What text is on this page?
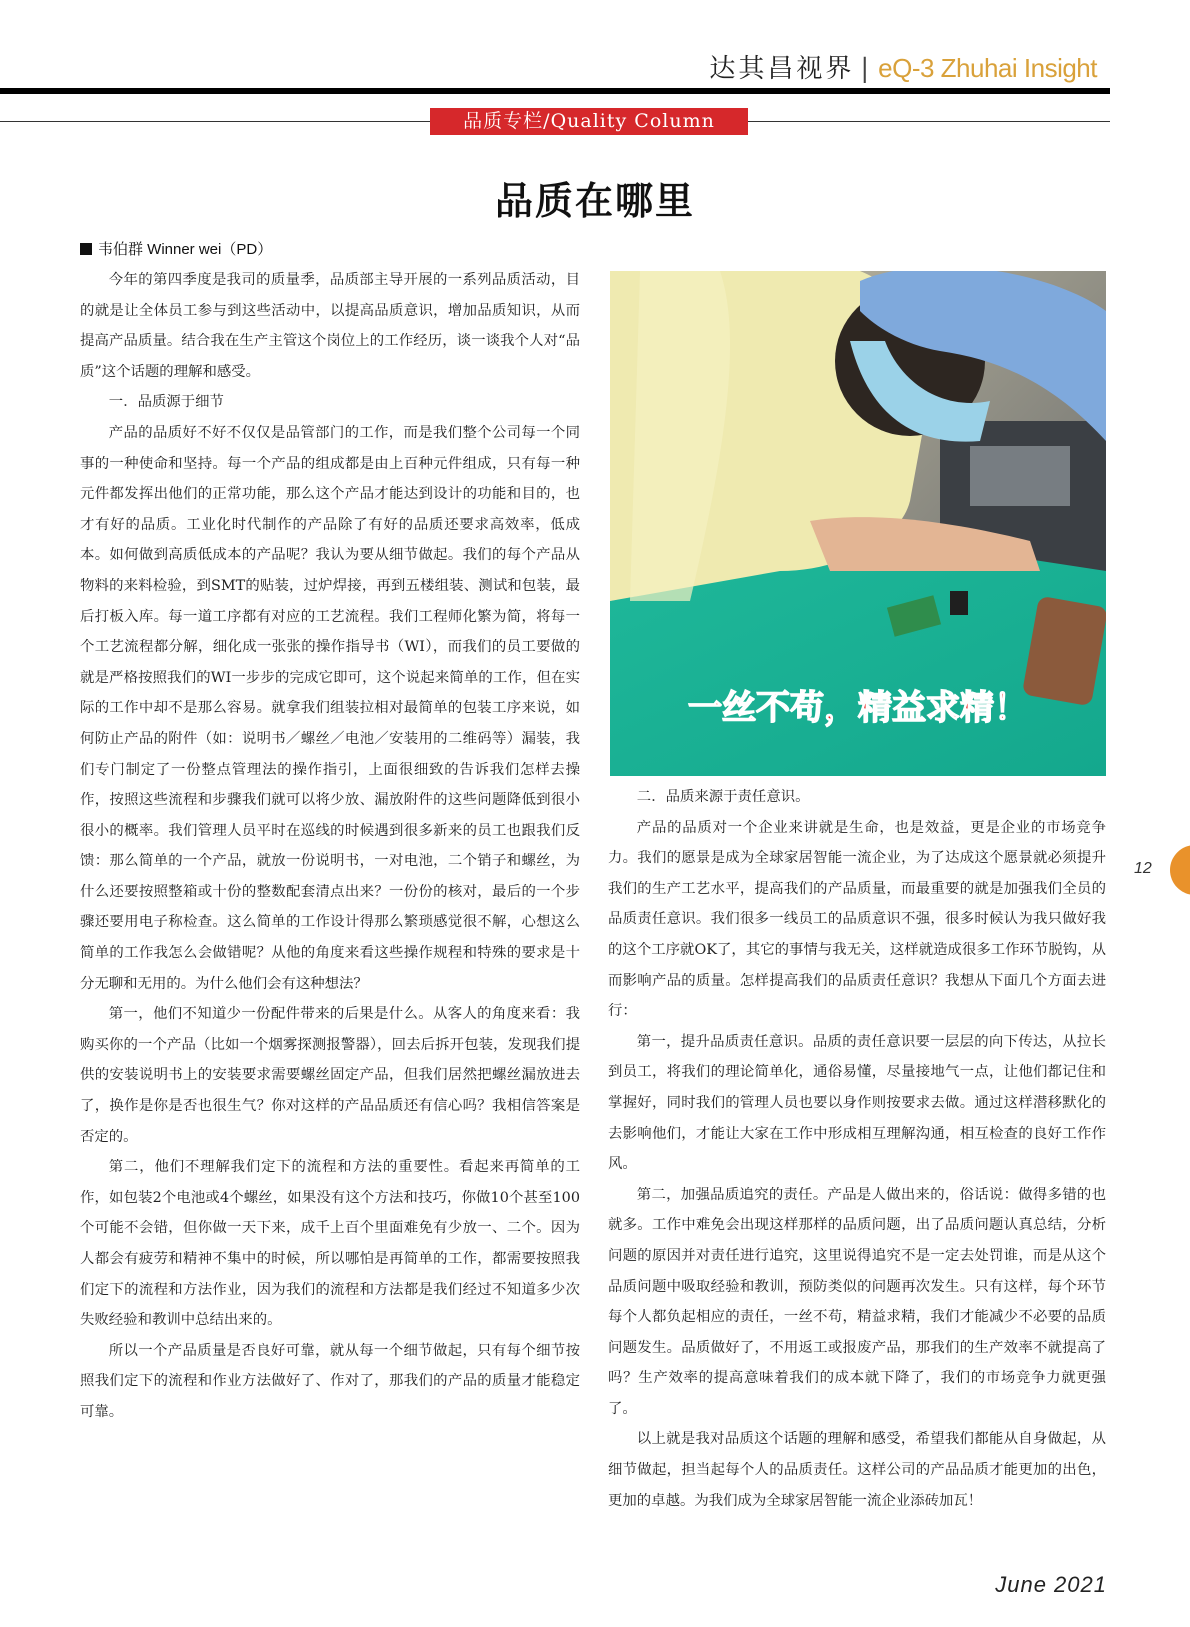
达其昌视界 | eQ-3 Zhuhai Insight
品质专栏/Quality Column
品质在哪里
韦伯群 Winner wei（PD）

今年的第四季度是我司的质量季，品质部主导开展的一系列品质活动，目的就是让全体员工参与到这些活动中，以提高品质意识，增加品质知识，从而提高产品质量。结合我在生产主管这个岗位上的工作经历，谈一谈我个人对“品质”这个话题的理解和感受。

一．品质源于细节

产品的品质好不好不仅仅是品管部门的工作，而是我们整个公司每一个同事的一种使命和坚持。每一个产品的组成都是由上百种元件组成，只有每一种元件都发挥出他们的正常功能，那么这个产品才能达到设计的功能和目的，也才有好的品质。工业化时代制作的产品除了有好的品质还要求高效率，低成本。如何做到高质低成本的产品呢？我认为要从细节做起。我们的每个产品从物料的来料检验，到SMT的贴装，过炉焊接，再到五楼组装、测试和包装，最后打板入库。每一道工序都有对应的工艺流程。我们工程师化繁为简，将每一个工艺流程都分解，细化成一张张的操作指导书（WI），而我们的员工要做的就是严格按照我们的WI一步步的完成它即可，这个说起来简单的工作，但在实际的工作中却不是那么容易。就拿我们组装拉相对最简单的包装工序来说，如何防止产品的附件（如：说明书／螺丝／电池／安装用的二维码等）漏装，我们专门制定了一份整点管理法的操作指引，上面很细致的告诉我们怎样去操作，按照这些流程和步骤我们就可以将少放、漏放附件的这些问题降低到很小很小的概率。我们管理人员平时在巡线的时候遇到很多新来的员工也跟我们反馈：那么简单的一个产品，就放一份说明书，一对电池，二个销子和螺丝，为什么还要按照整箱或十份的整数配套清点出来？一份份的核对，最后的一个步骤还要用电子称检查。这么简单的工作设计得那么繁琐感觉很不解，心想这么简单的工作我怎么会做错呢？从他的角度来看这些操作规程和特殊的要求是十分无聊和无用的。为什么他们会有这种想法？

第一，他们不知道少一份配件带来的后果是什么。从客人的角度来看：我购买你的一个产品（比如一个烟雾探测报警器），回去后拆开包装，发现我们提供的安装说明书上的安装要求需要螺丝固定产品，但我们居然把螺丝漏放进去了，换作是你是否也很生气？你对这样的产品品质还有信心吗？我相信答案是否定的。

第二，他们不理解我们定下的流程和方法的重要性。看起来再简单的工作，如包装2个电池或4个螺丝，如果没有这个方法和技巧，你做10个甚至100个可能不会错，但你做一天下来，成千上百个里面难免有少放一、二个。因为人都会有疲劳和精神不集中的时候，所以哪怕是再简单的工作，都需要按照我们定下的流程和方法作业，因为我们的流程和方法都是我们经过不知道多少次失败经验和教训中总结出来的。

所以一个产品质量是否良好可靠，就从每一个细节做起，只有每个细节按照我们定下的流程和作业方法做好了、作对了，那我们的产品的质量才能稳定可靠。

一丝不苟，精益求精！

二．品质来源于责任意识。

产品的品质对一个企业来讲就是生命，也是效益，更是企业的市场竞争力。我们的愿景是成为全球家居智能一流企业，为了达成这个愿景就必须提升我们的生产工艺水平，提高我们的产品质量，而最重要的就是加强我们全员的品质责任意识。我们很多一线员工的品质意识不强，很多时候认为我只做好我的这个工序就OK了，其它的事情与我无关，这样就造成很多工作环节脱钩，从而影响产品的质量。怎样提高我们的品质责任意识？我想从下面几个方面去进行：

第一，提升品质责任意识。品质的责任意识要一层层的向下传达，从拉长到员工，将我们的理论简单化，通俗易懂，尽量接地气一点，让他们都记住和掌握好，同时我们的管理人员也要以身作则按要求去做。通过这样潜移默化的去影响他们，才能让大家在工作中形成相互理解沟通，相互检查的良好工作作风。

第二，加强品质追究的责任。产品是人做出来的，俗话说：做得多错的也就多。工作中难免会出现这样那样的品质问题，出了品质问题认真总结，分析问题的原因并对责任进行追究，这里说得追究不是一定去处罚谁，而是从这个品质问题中吸取经验和教训，预防类似的问题再次发生。只有这样，每个环节每个人都负起相应的责任，一丝不苟，精益求精，我们才能减少不必要的品质问题发生。品质做好了，不用返工或报废产品，那我们的生产效率不就提高了吗？生产效率的提高意味着我们的成本就下降了，我们的市场竞争力就更强了。

以上就是我对品质这个话题的理解和感受，希望我们都能从自身做起，从细节做起，担当起每个人的品质责任。这样公司的产品品质才能更加的出色，更加的卓越。为我们成为全球家居智能一流企业添砖加瓦！

12
June 2021
